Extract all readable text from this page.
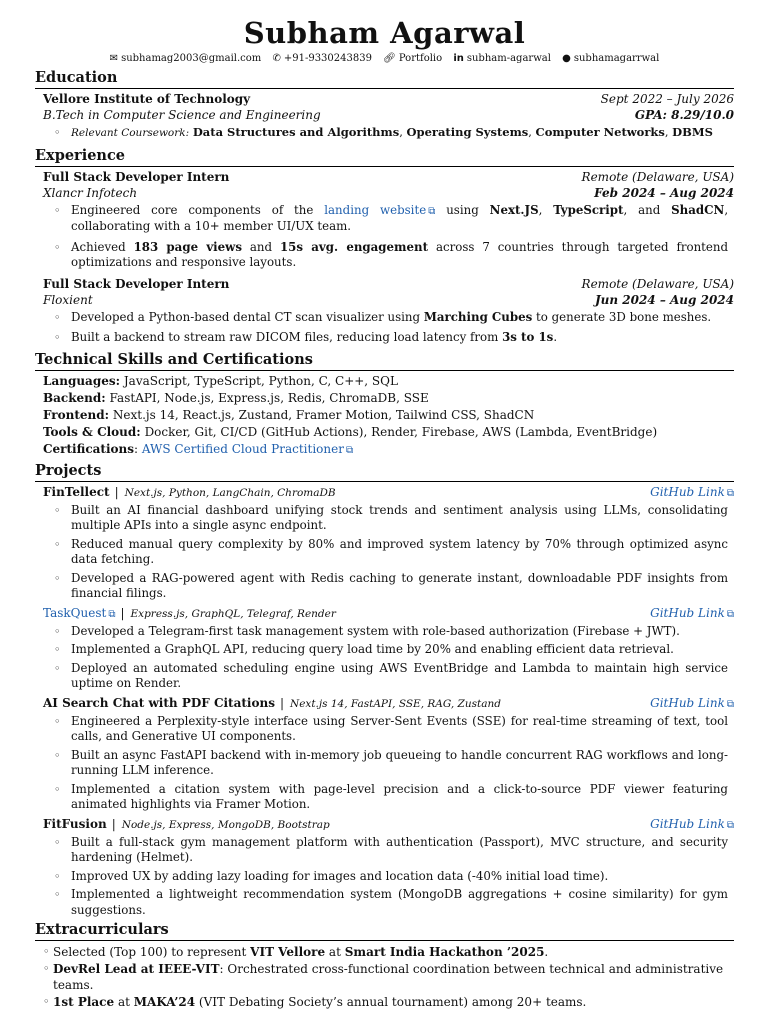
Subham Agarwal
✉ subhamag2003@gmail.com ✆ +91-9330243839 🔗︎ Portfolio in subham-agarwal ● subhamagarrwal
Education
Vellore Institute of Technology	Sept 2022 – July 2026
B.Tech in Computer Science and Engineering	GPA: 8.29/10.0
◦ Relevant Coursework: Data Structures and Algorithms, Operating Systems, Computer Networks, DBMS
Experience
Full Stack Developer Intern	Remote (Delaware, USA)
Xlancr Infotech	Feb 2024 – Aug 2024
◦ Engineered core components of the landing website ⧉ using Next.JS, TypeScript, and ShadCN, collaborating with a 10+ member UI/UX team.
◦ Achieved 183 page views and 15s avg. engagement across 7 countries through targeted frontend optimizations and responsive layouts.
Full Stack Developer Intern	Remote (Delaware, USA)
Floxient	Jun 2024 – Aug 2024
◦ Developed a Python-based dental CT scan visualizer using Marching Cubes to generate 3D bone meshes.
◦ Built a backend to stream raw DICOM files, reducing load latency from 3s to 1s.
Technical Skills and Certifications
Languages: JavaScript, TypeScript, Python, C, C++, SQL
Backend: FastAPI, Node.js, Express.js, Redis, ChromaDB, SSE
Frontend: Next.js 14, React.js, Zustand, Framer Motion, Tailwind CSS, ShadCN
Tools & Cloud: Docker, Git, CI/CD (GitHub Actions), Render, Firebase, AWS (Lambda, EventBridge)
Certifications: AWS Certified Cloud Practitioner ⧉
Projects
FinTellect | Next.js, Python, LangChain, ChromaDB	GitHub Link ⧉
◦ Built an AI financial dashboard unifying stock trends and sentiment analysis using LLMs, consolidating multiple APIs into a single async endpoint.
◦ Reduced manual query complexity by 80% and improved system latency by 70% through optimized async data fetching.
◦ Developed a RAG-powered agent with Redis caching to generate instant, downloadable PDF insights from financial filings.
TaskQuest ⧉ | Express.js, GraphQL, Telegraf, Render	GitHub Link ⧉
◦ Developed a Telegram-first task management system with role-based authorization (Firebase + JWT).
◦ Implemented a GraphQL API, reducing query load time by 20% and enabling efficient data retrieval.
◦ Deployed an automated scheduling engine using AWS EventBridge and Lambda to maintain high service uptime on Render.
AI Search Chat with PDF Citations | Next.js 14, FastAPI, SSE, RAG, Zustand	GitHub Link ⧉
◦ Engineered a Perplexity-style interface using Server-Sent Events (SSE) for real-time streaming of text, tool calls, and Generative UI components.
◦ Built an async FastAPI backend with in-memory job queueing to handle concurrent RAG workflows and long-running LLM inference.
◦ Implemented a citation system with page-level precision and a click-to-source PDF viewer featuring animated highlights via Framer Motion.
FitFusion | Node.js, Express, MongoDB, Bootstrap	GitHub Link ⧉
◦ Built a full-stack gym management platform with authentication (Passport), MVC structure, and security hardening (Helmet).
◦ Improved UX by adding lazy loading for images and location data (-40% initial load time).
◦ Implemented a lightweight recommendation system (MongoDB aggregations + cosine similarity) for gym suggestions.
Extracurriculars
◦ Selected (Top 100) to represent VIT Vellore at Smart India Hackathon ’2025.
◦ DevRel Lead at IEEE-VIT: Orchestrated cross-functional coordination between technical and administrative teams.
◦ 1st Place at MAKA’24 (VIT Debating Society’s annual tournament) among 20+ teams.
